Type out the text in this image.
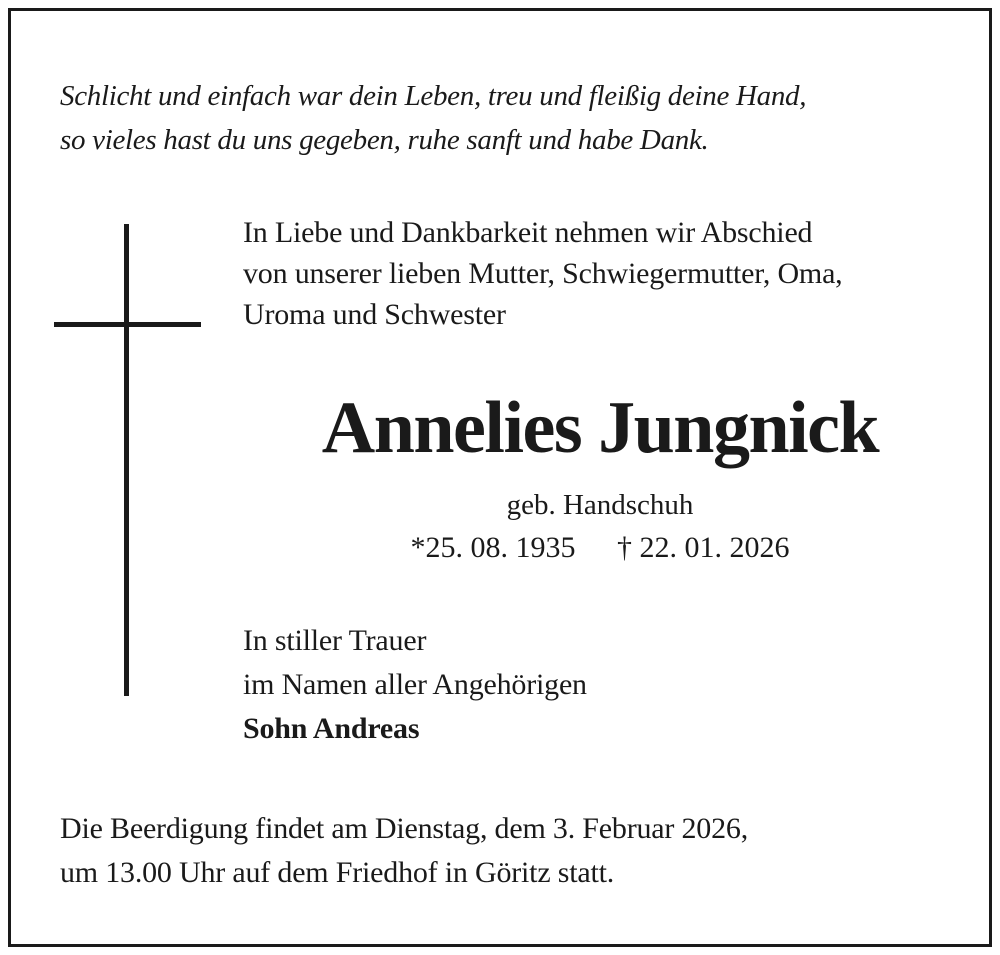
Schlicht und einfach war dein Leben, treu und fleißig deine Hand,
so vieles hast du uns gegeben, ruhe sanft und habe Dank.
In Liebe und Dankbarkeit nehmen wir Abschied
von unserer lieben Mutter, Schwiegermutter, Oma,
Uroma und Schwester
Annelies Jungnick
geb. Handschuh
*25. 08. 1935 † 22. 01. 2026
In stiller Trauer
im Namen aller Angehörigen
Sohn Andreas
Die Beerdigung findet am Dienstag, dem 3. Februar 2026,
um 13.00 Uhr auf dem Friedhof in Göritz statt.
